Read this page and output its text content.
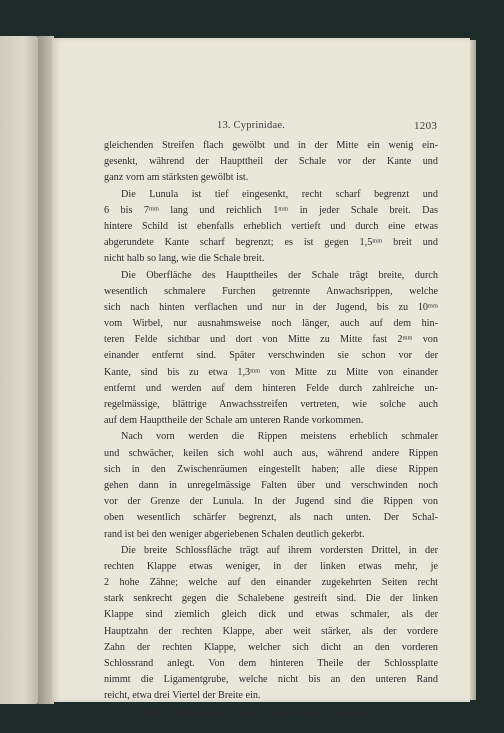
13. Cyprinidae.	1203
gleichenden Streifen flach gewölbt und in der Mitte ein wenig ein-
gesenkt, während der Haupttheil der Schale vor der Kante und
ganz vorn am stärksten gewölbt ist.
Die Lunula ist tief eingesenkt, recht scharf begrenzt und
6 bis 7ᵐᵐ lang und reichlich 1ᵐᵐ in jeder Schale breit. Das
hintere Schild ist ebenfalls erheblich vertieft und durch eine etwas
abgerundete Kante scharf begrenzt; es ist gegen 1,5ᵐᵐ breit und
nicht halb so lang, wie die Schale breit.
Die Oberfläche des Haupttheiles der Schale trägt breite, durch
wesentlich schmalere Furchen getrennte Anwachsrippen, welche
sich nach hinten verflachen und nur in der Jugend, bis zu 10ᵐᵐ
vom Wirbel, nur ausnahmsweise noch länger, auch auf dem hin-
teren Felde sichtbar und dort von Mitte zu Mitte fast 2ᵐᵐ von
einander entfernt sind. Später verschwinden sie schon vor der
Kante, sind bis zu etwa 1,3ᵐᵐ von Mitte zu Mitte von einander
entfernt und werden auf dem hinteren Felde durch zahlreiche un-
regelmässige, blättrige Anwachsstreifen vertreten, wie solche auch
auf dem Haupttheile der Schale am unteren Rande vorkommen.
Nach vorn werden die Rippen meistens erheblich schmaler
und schwächer, keilen sich wohl auch aus, während andere Rippen
sich in den Zwischenräumen eingestellt haben; alle diese Rippen
gehen dann in unregelmässige Falten über und verschwinden noch
vor der Grenze der Lunula. In der Jugend sind die Rippen von
oben wesentlich schärfer begrenzt, als nach unten. Der Schal-
rand ist bei den weniger abgeriebenen Schalen deutlich gekerbt.
Die breite Schlossfläche trägt auf ihrem vordersten Drittel, in der
rechten Klappe etwas weniger, in der linken etwas mehr, je
2 hohe Zähne; welche auf den einander zugekehrten Seiten recht
stark senkrecht gegen die Schalebene gestreift sind. Die der linken
Klappe sind ziemlich gleich dick und etwas schmaler, als der
Hauptzahn der rechten Klappe, aber weit stärker, als der vordere
Zahn der rechten Klappe, welcher sich dicht an den vorderen
Schlossrand anlegt. Von dem hinteren Theile der Schlossplatte
nimmt die Ligamentgrube, welche nicht bis an den unteren Rand
reicht, etwa drei Viertel der Breite ein.
Der hintere Seitenzahn der rechten Klappe ist nur eine rund-
